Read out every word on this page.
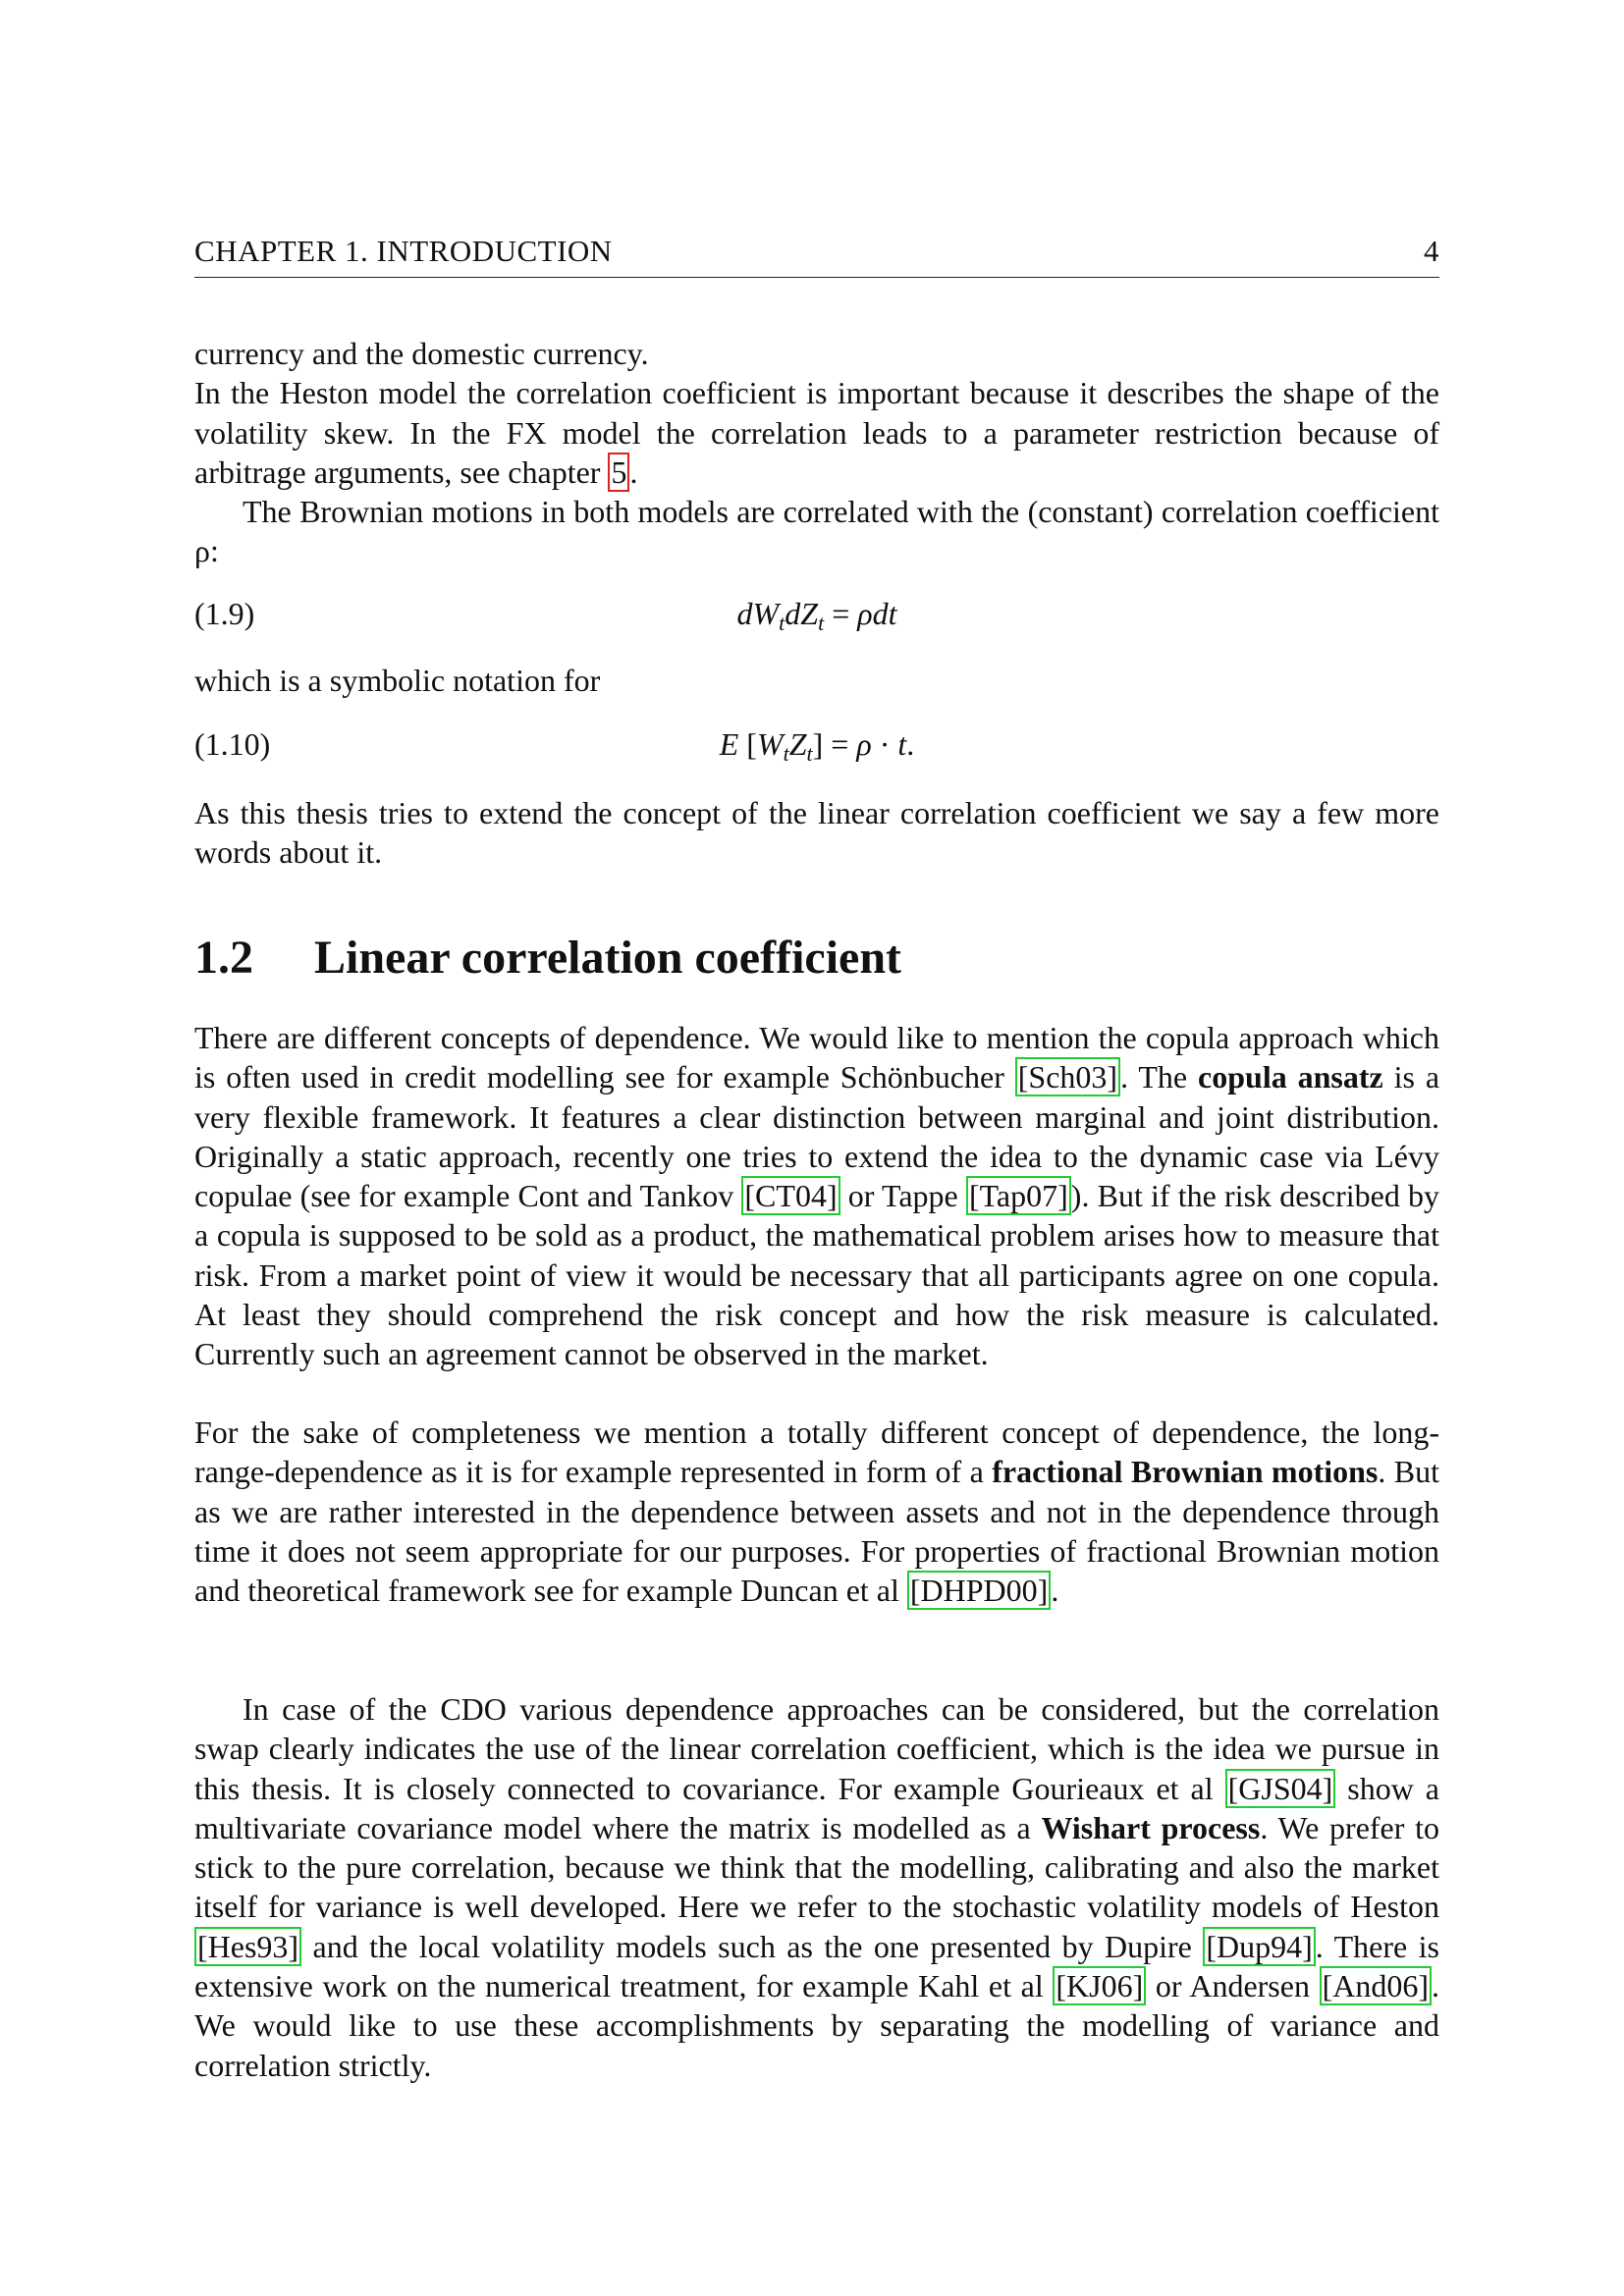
CHAPTER 1. INTRODUCTION	4

currency and the domestic currency.

In the Heston model the correlation coefficient is important because it describes the shape of the volatility skew. In the FX model the correlation leads to a parameter restriction because of arbitrage arguments, see chapter 5.

The Brownian motions in both models are correlated with the (constant) correlation coefficient ρ:

(1.9)	$dW_tdZ_t = \rho dt$

which is a symbolic notation for

(1.10)	E $[W_tZ_t] = \rho \cdot t$.

As this thesis tries to extend the concept of the linear correlation coefficient we say a few more words about it.

1.2 Linear correlation coefficient

There are different concepts of dependence. We would like to mention the copula approach which is often used in credit modelling see for example Schönbucher [Sch03]. The copula ansatz is a very flexible framework. It features a clear distinction between marginal and joint distribution. Originally a static approach, recently one tries to extend the idea to the dynamic case via Lévy copulae (see for example Cont and Tankov [CT04] or Tappe [Tap07]). But if the risk described by a copula is supposed to be sold as a product, the mathematical problem arises how to measure that risk. From a market point of view it would be necessary that all participants agree on one copula. At least they should comprehend the risk concept and how the risk measure is calculated. Currently such an agreement cannot be observed in the market.

For the sake of completeness we mention a totally different concept of dependence, the long-range-dependence as it is for example represented in form of a fractional Brownian motions. But as we are rather interested in the dependence between assets and not in the dependence through time it does not seem appropriate for our purposes. For properties of fractional Brownian motion and theoretical framework see for example Duncan et al [DHPD00].

In case of the CDO various dependence approaches can be considered, but the correlation swap clearly indicates the use of the linear correlation coefficient, which is the idea we pursue in this thesis. It is closely connected to covariance. For example Gourieaux et al [GJS04] show a multivariate covariance model where the matrix is modelled as a Wishart process. We prefer to stick to the pure correlation, because we think that the modelling, calibrating and also the market itself for variance is well developed. Here we refer to the stochastic volatility models of Heston [Hes93] and the local volatility models such as the one presented by Dupire [Dup94]. There is extensive work on the numerical treatment, for example Kahl et al [KJ06] or Andersen [And06]. We would like to use these accomplishments by separating the modelling of variance and correlation strictly.
